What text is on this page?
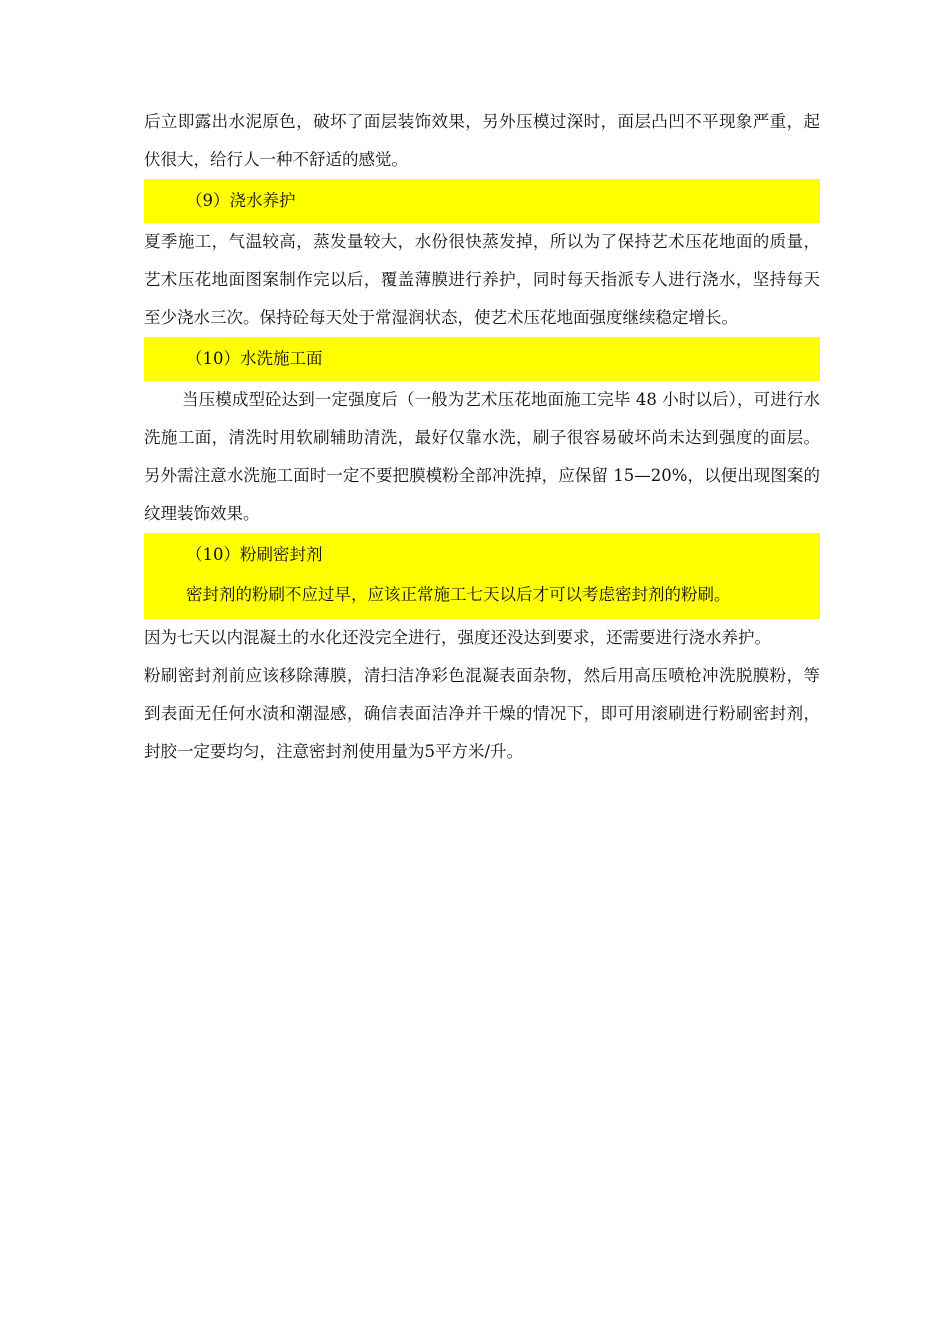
后立即露出水泥原色，破坏了面层装饰效果，另外压模过深时，面层凸凹不平现象严重，起伏很大，给行人一种不舒适的感觉。

（9）浇水养护

夏季施工，气温较高，蒸发量较大，水份很快蒸发掉，所以为了保持艺术压花地面的质量，艺术压花地面图案制作完以后，覆盖薄膜进行养护，同时每天指派专人进行浇水，坚持每天至少浇水三次。保持砼每天处于常湿润状态，使艺术压花地面强度继续稳定增长。

（10）水洗施工面

当压模成型砼达到一定强度后（一般为艺术压花地面施工完毕 48 小时以后），可进行水洗施工面，清洗时用软刷辅助清洗，最好仅靠水洗，刷子很容易破坏尚未达到强度的面层。另外需注意水洗施工面时一定不要把膜模粉全部冲洗掉，应保留 15—20%，以便出现图案的纹理装饰效果。

（10）粉刷密封剂
密封剂的粉刷不应过早，应该正常施工七天以后才可以考虑密封剂的粉刷。

因为七天以内混凝土的水化还没完全进行，强度还没达到要求，还需要进行浇水养护。

粉刷密封剂前应该移除薄膜，清扫洁净彩色混凝表面杂物，然后用高压喷枪冲洗脱膜粉，等到表面无任何水渍和潮湿感，确信表面洁净并干燥的情况下，即可用滚刷进行粉刷密封剂，封胶一定要均匀，注意密封剂使用量为5平方米/升。
